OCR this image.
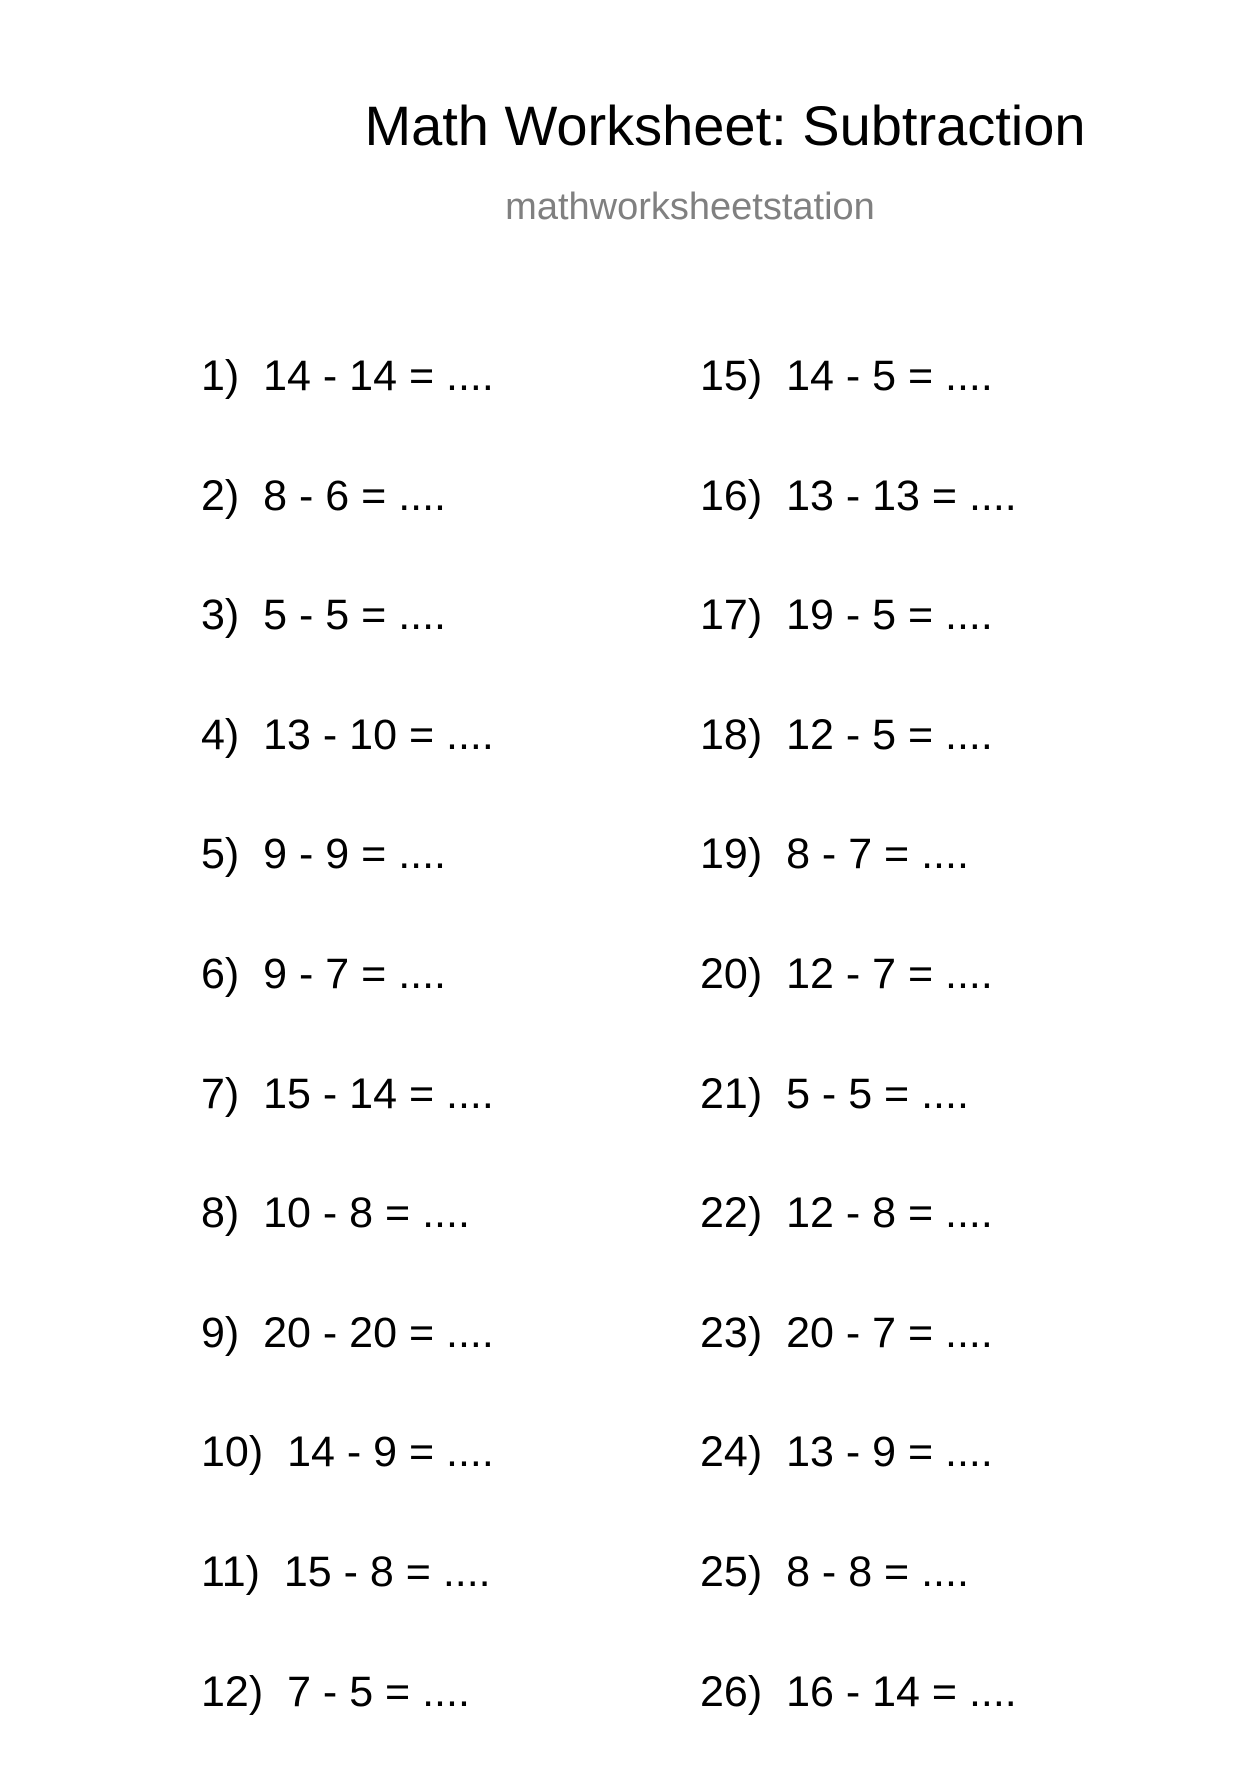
Math Worksheet: Subtraction
mathworksheetstation
1) 14 - 14 = ....
2) 8 - 6 = ....
3) 5 - 5 = ....
4) 13 - 10 = ....
5) 9 - 9 = ....
6) 9 - 7 = ....
7) 15 - 14 = ....
8) 10 - 8 = ....
9) 20 - 20 = ....
10) 14 - 9 = ....
11) 15 - 8 = ....
12) 7 - 5 = ....
15) 14 - 5 = ....
16) 13 - 13 = ....
17) 19 - 5 = ....
18) 12 - 5 = ....
19) 8 - 7 = ....
20) 12 - 7 = ....
21) 5 - 5 = ....
22) 12 - 8 = ....
23) 20 - 7 = ....
24) 13 - 9 = ....
25) 8 - 8 = ....
26) 16 - 14 = ....
